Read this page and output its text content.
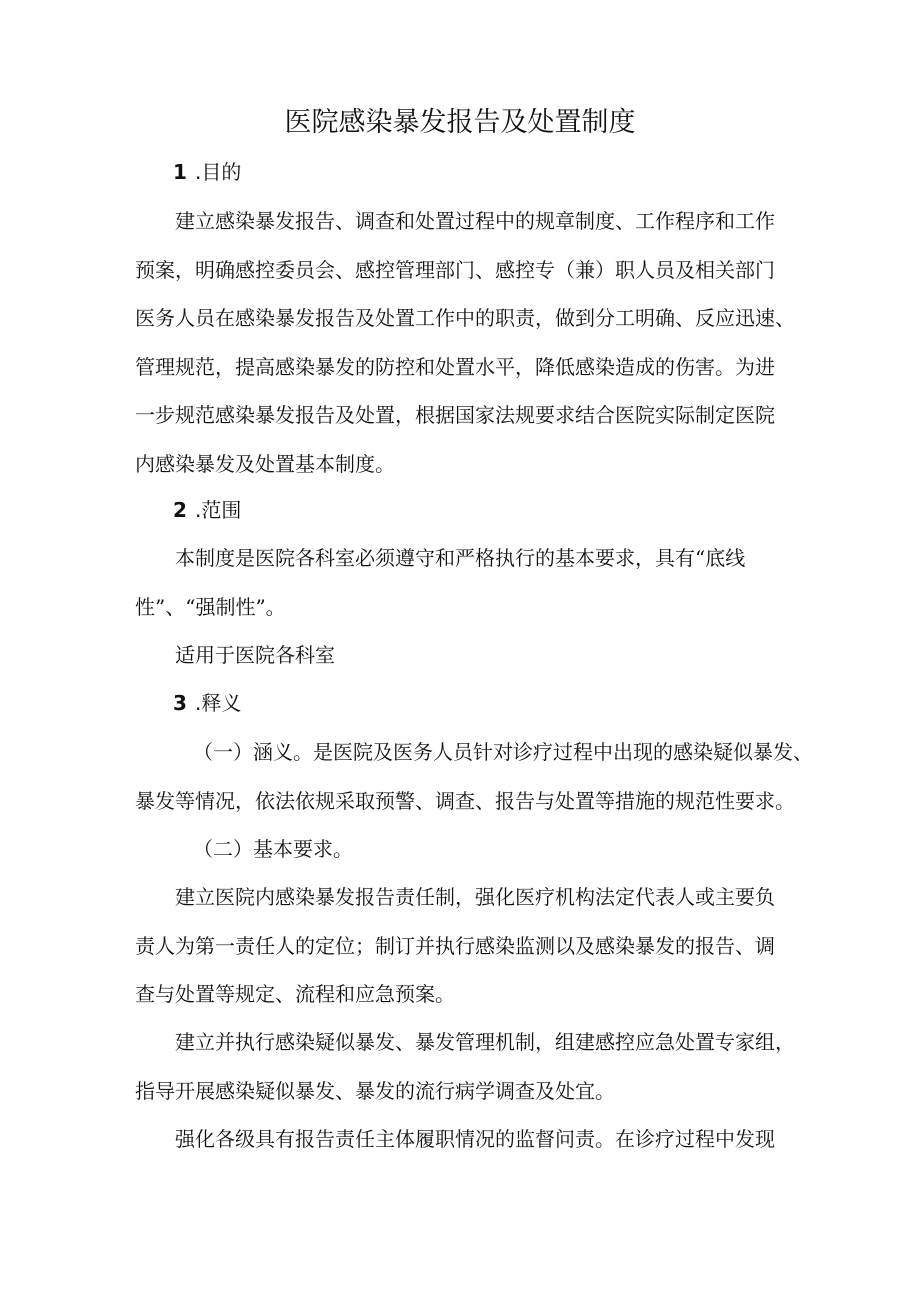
医院感染暴发报告及处置制度
1 .目的
建立感染暴发报告、调查和处置过程中的规章制度、工作程序和工作
预案，明确感控委员会、感控管理部门、感控专（兼）职人员及相关部门
医务人员在感染暴发报告及处置工作中的职责，做到分工明确、反应迅速、
管理规范，提高感染暴发的防控和处置水平，降低感染造成的伤害。为进
一步规范感染暴发报告及处置，根据国家法规要求结合医院实际制定医院
内感染暴发及处置基本制度。
2 .范围
本制度是医院各科室必须遵守和严格执行的基本要求，具有“底线
性”、“强制性”。
适用于医院各科室
3 .释义
（一）涵义。是医院及医务人员针对诊疗过程中出现的感染疑似暴发、
暴发等情况，依法依规采取预警、调查、报告与处置等措施的规范性要求。
（二）基本要求。
建立医院内感染暴发报告责任制，强化医疗机构法定代表人或主要负
责人为第一责任人的定位；制订并执行感染监测以及感染暴发的报告、调
查与处置等规定、流程和应急预案。
建立并执行感染疑似暴发、暴发管理机制，组建感控应急处置专家组，
指导开展感染疑似暴发、暴发的流行病学调查及处宜。
强化各级具有报告责任主体履职情况的监督问责。在诊疗过程中发现
